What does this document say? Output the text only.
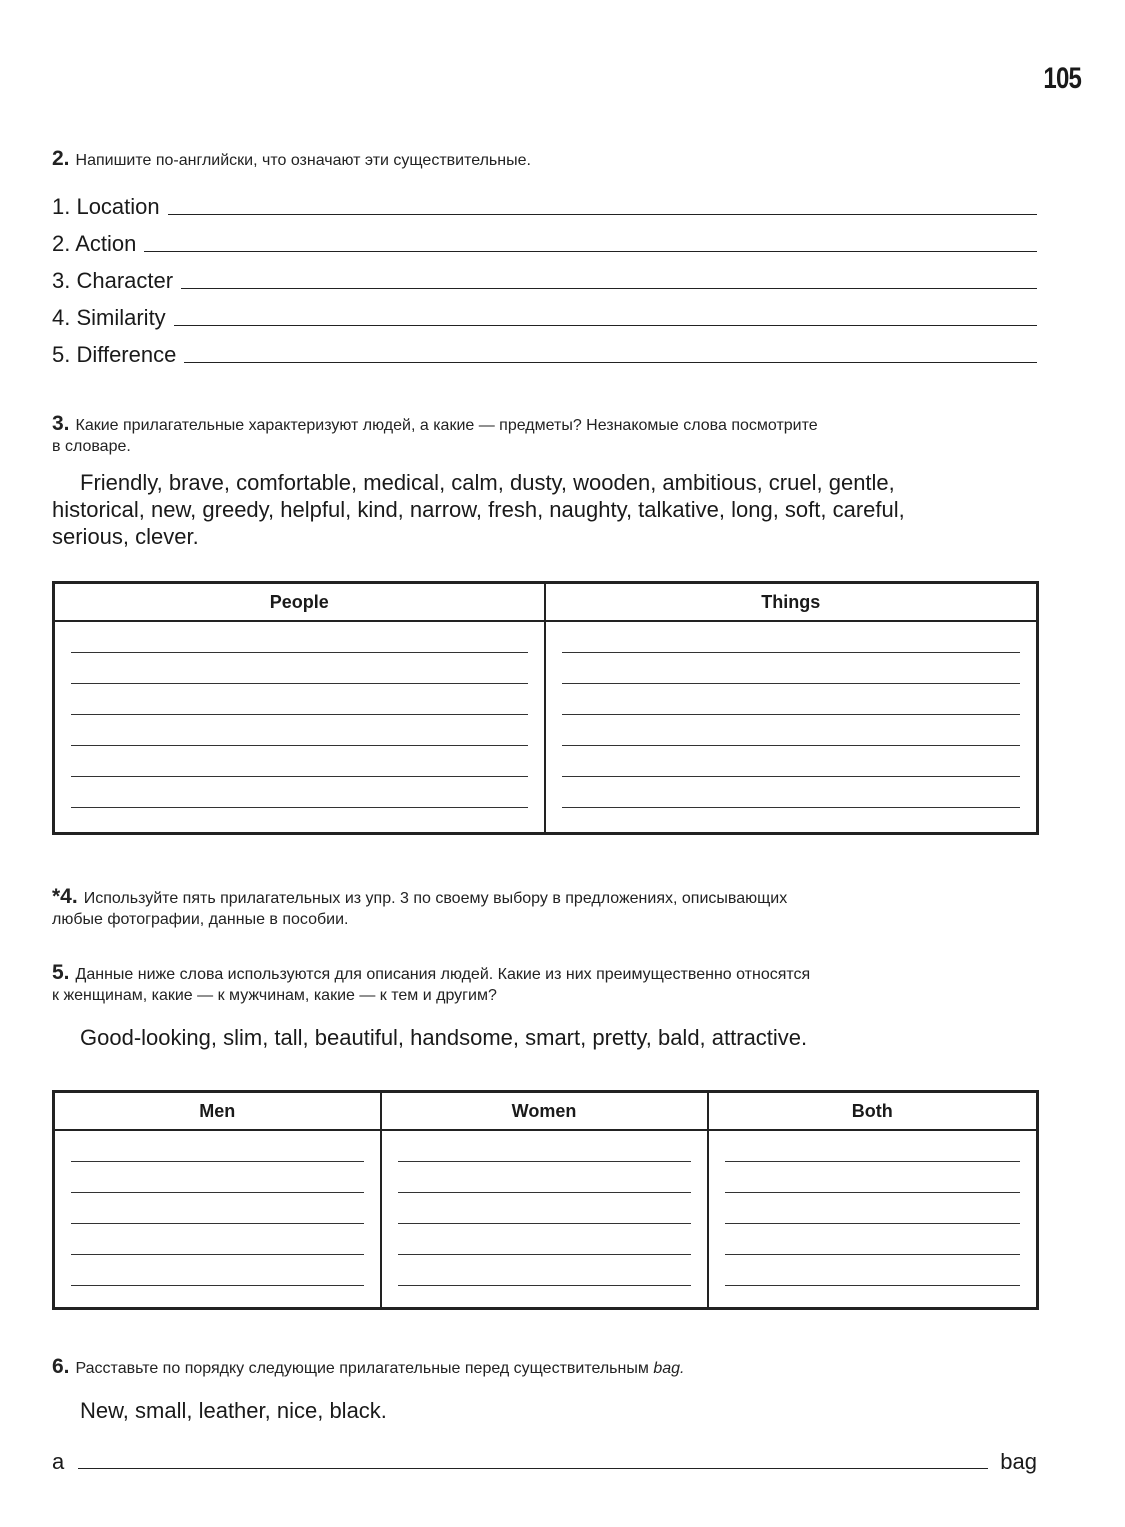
105
2. Напишите по-английски, что означают эти существительные.
1. Location
2. Action
3. Character
4. Similarity
5. Difference
3. Какие прилагательные характеризуют людей, а какие — предметы? Незнакомые слова посмотрите
в словаре.
Friendly, brave, comfortable, medical, calm, dusty, wooden, ambitious, cruel, gentle,
historical, new, greedy, helpful, kind, narrow, fresh, naughty, talkative, long, soft, careful,
serious, clever.
People	Things

*4. Используйте пять прилагательных из упр. 3 по своему выбору в предложениях, описывающих
любые фотографии, данные в пособии.
5. Данные ниже слова используются для описания людей. Какие из них преимущественно относятся
к женщинам, какие — к мужчинам, какие — к тем и другим?
Good-looking, slim, tall, beautiful, handsome, smart, pretty, bald, attractive.
Men	Women	Both

6. Расставьте по порядку следующие прилагательные перед существительным bag.
New, small, leather, nice, black.
a	bag
